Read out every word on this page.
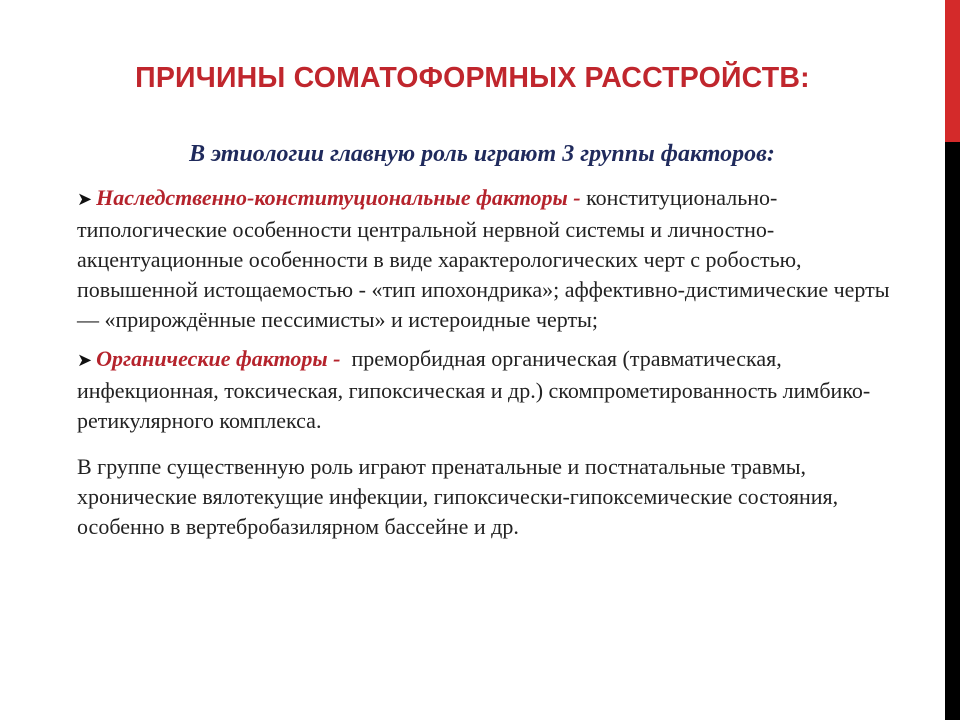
ПРИЧИНЫ СОМАТОФОРМНЫХ РАССТРОЙСТВ:

В этиологии главную роль играют 3 группы факторов:

➤ Наследственно-конституциональные факторы - конституционально-типологические особенности центральной нервной системы и личностно-акцентуационные особенности в виде характерологических черт с робостью, повышенной истощаемостью - «тип ипохондрика»; аффективно-дистимические черты — «прирождённые пессимисты» и истероидные черты;

➤ Органические факторы - преморбидная органическая (травматическая, инфекционная, токсическая, гипоксическая и др.) скомпрометированность лимбико-ретикулярного комплекса.

В группе существенную роль играют пренатальные и постнатальные травмы, хронические вялотекущие инфекции, гипоксически-гипоксемические состояния, особенно в вертебробазилярном бассейне и др.
